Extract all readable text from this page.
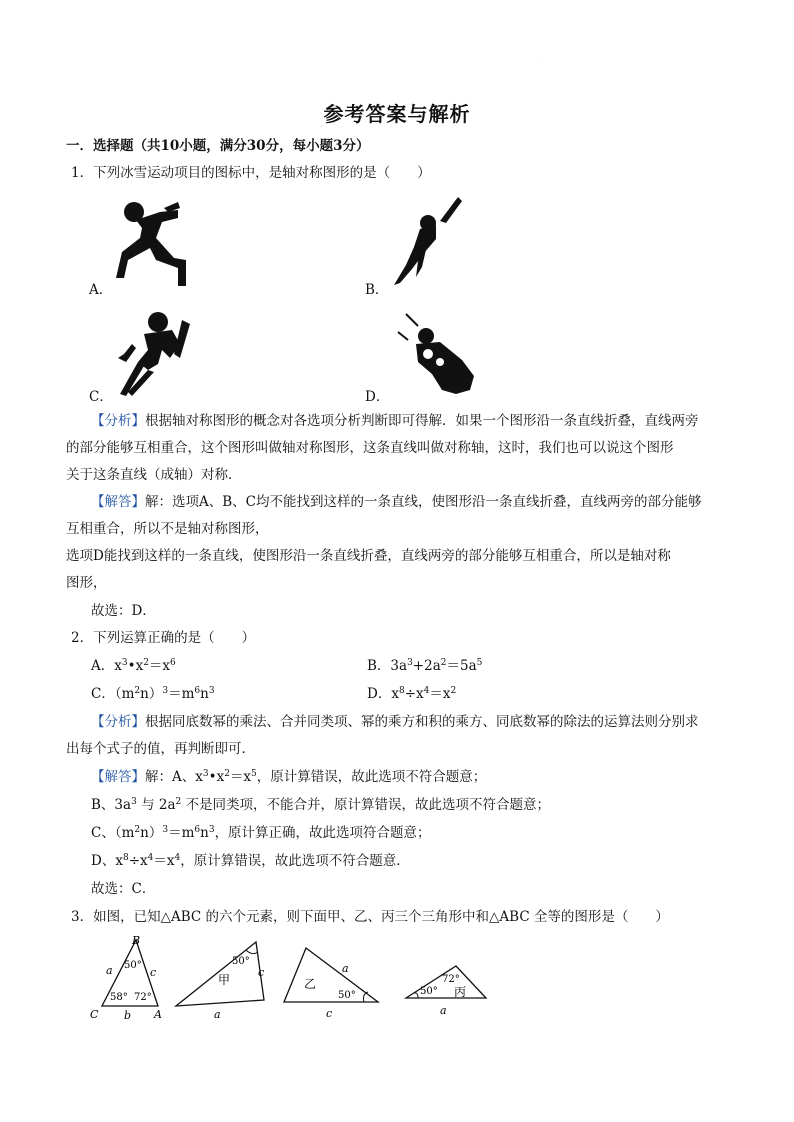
·
参考答案与解析
一．选择题（共10小题，满分30分，每小题3分）
1．下列冰雪运动项目的图标中，是轴对称图形的是（　　）
A．	B．
C．	D．
【分析】根据轴对称图形的概念对各选项分析判断即可得解．如果一个图形沿一条直线折叠，直线两旁
的部分能够互相重合，这个图形叫做轴对称图形，这条直线叫做对称轴，这时，我们也可以说这个图形
关于这条直线（成轴）对称．
【解答】解：选项A、B、C均不能找到这样的一条直线，使图形沿一条直线折叠，直线两旁的部分能够
互相重合，所以不是轴对称图形，
选项D能找到这样的一条直线，使图形沿一条直线折叠，直线两旁的部分能够互相重合，所以是轴对称
图形，
故选：D．
2．下列运算正确的是（　　）
A．$x^3•x^2=x^6$	B．$3a^3+2a^2=5a^5$
C．$(m^2n)^3=m^6n^3$	D．$x^8\div x^4=x^2$
【分析】根据同底数幂的乘法、合并同类项、幂的乘方和积的乘方、同底数幂的除法的运算法则分别求
出每个式子的值，再判断即可．
【解答】解：A、$x^3•x^2=x^5$，原计算错误，故此选项不符合题意；
B、$3a^3$ 与 $2a^2$ 不是同类项，不能合并，原计算错误，故此选项不符合题意；
C、$(m^2n)^3=m^6n^3$，原计算正确，故此选项符合题意；
D、$x^8\div x^4=x^4$，原计算错误，故此选项不符合题意．
故选：C．
3．如图，已知△ABC 的六个元素，则下面甲、乙、丙三个三角形中和△ABC 全等的图形是（　　）
B
C	A
a	c
b
50°
58° 72°
50°
甲
c
a
乙
50°
a
c
50°
72°
丙
a
